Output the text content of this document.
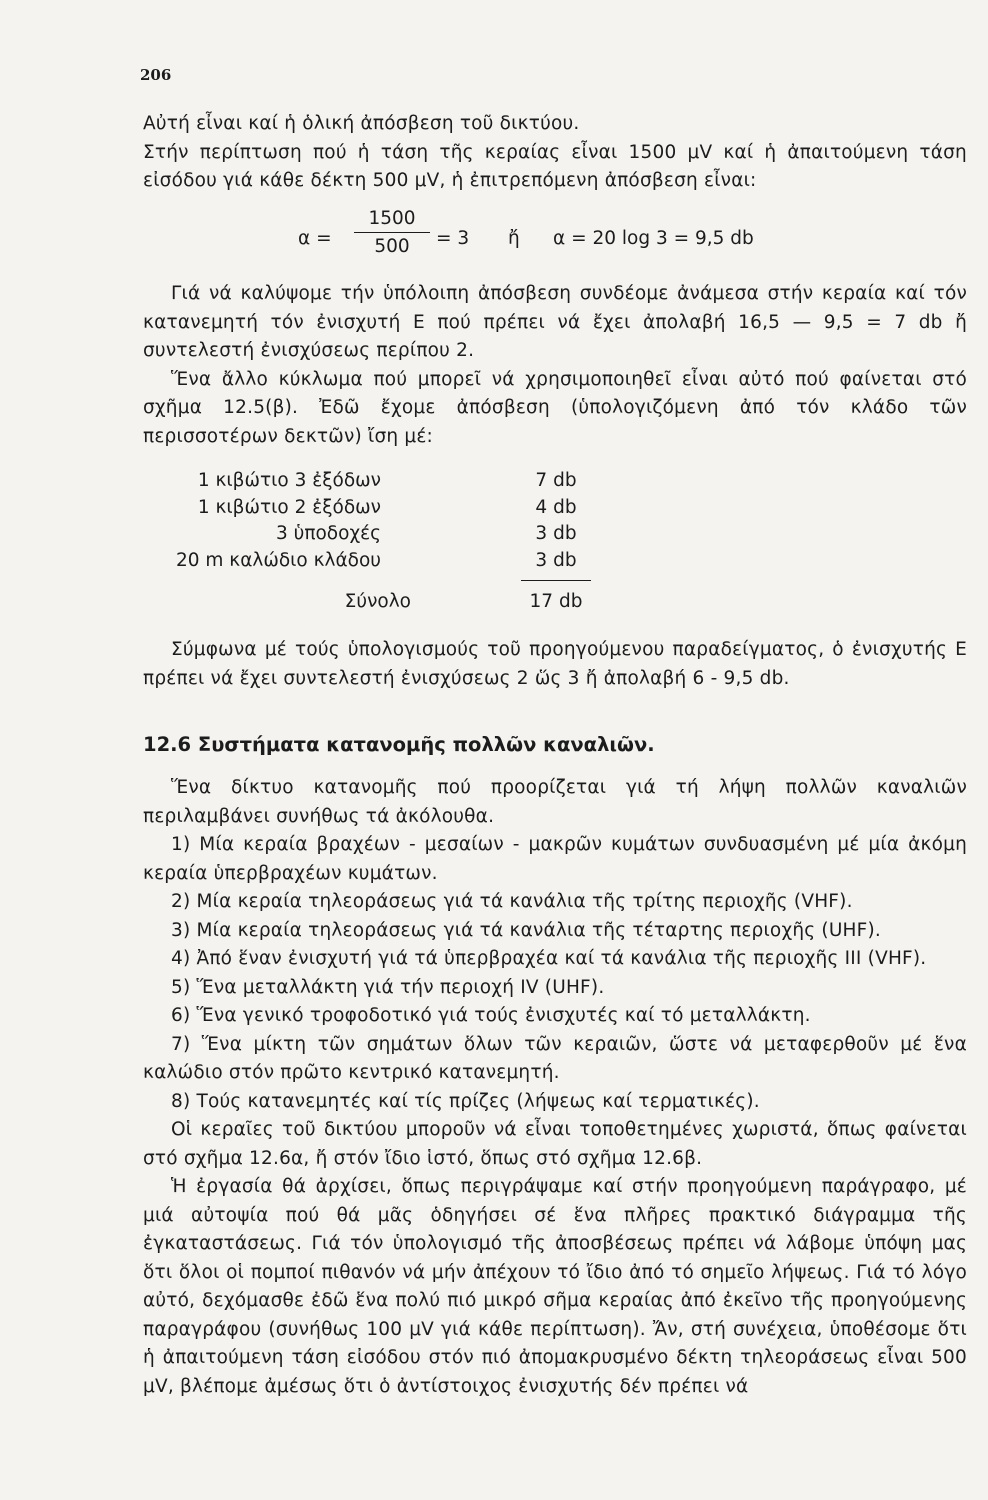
206

Αὐτή εἶναι καί ἡ ὁλική ἀπόσβεση τοῦ δικτύου.

Στήν περίπτωση πού ἡ τάση τῆς κεραίας εἶναι 1500 μV καί ἡ ἀπαιτούμενη τάση εἰσόδου γιά κάθε δέκτη 500 μV, ἡ ἐπιτρεπόμενη ἀπόσβεση εἶναι:

$\alpha = \frac{1500}{500} = 3$ ἤ α = 20 log 3 = 9,5 db

Γιά νά καλύψομε τήν ὑπόλοιπη ἀπόσβεση συνδέομε ἀνάμεσα στήν κεραία καί τόν κατανεμητή τόν ἐνισχυτή Ε πού πρέπει νά ἔχει ἀπολαβή 16,5 — 9,5 = 7 db ἤ συντελεστή ἐνισχύσεως περίπου 2.

Ἕνα ἄλλο κύκλωμα πού μπορεῖ νά χρησιμοποιηθεῖ εἶναι αὐτό πού φαίνεται στό σχῆμα 12.5(β). Ἐδῶ ἔχομε ἀπόσβεση (ὑπολογιζόμενη ἀπό τόν κλάδο τῶν περισσοτέρων δεκτῶν) ἴση μέ:

1 κιβώτιο 3 ἐξόδων	7 db
1 κιβώτιο 2 ἐξόδων	4 db
3 ὑποδοχές	3 db
20 m καλώδιο κλάδου	3 db
Σύνολο	17 db

Σύμφωνα μέ τούς ὑπολογισμούς τοῦ προηγούμενου παραδείγματος, ὁ ἐνισχυτής Ε πρέπει νά ἔχει συντελεστή ἐνισχύσεως 2 ὥς 3 ἤ ἀπολαβή 6 - 9,5 db.

12.6 Συστήματα κατανομῆς πολλῶν καναλιῶν.

Ἕνα δίκτυο κατανομῆς πού προορίζεται γιά τή λήψη πολλῶν καναλιῶν περιλαμβάνει συνήθως τά ἀκόλουθα.

1) Μία κεραία βραχέων - μεσαίων - μακρῶν κυμάτων συνδυασμένη μέ μία ἀκόμη κεραία ὑπερβραχέων κυμάτων.
2) Μία κεραία τηλεοράσεως γιά τά κανάλια τῆς τρίτης περιοχῆς (VHF).
3) Μία κεραία τηλεοράσεως γιά τά κανάλια τῆς τέταρτης περιοχῆς (UHF).
4) Ἀπό ἕναν ἐνισχυτή γιά τά ὑπερβραχέα καί τά κανάλια τῆς περιοχῆς III (VHF).
5) Ἕνα μεταλλάκτη γιά τήν περιοχή IV (UHF).
6) Ἕνα γενικό τροφοδοτικό γιά τούς ἐνισχυτές καί τό μεταλλάκτη.
7) Ἕνα μίκτη τῶν σημάτων ὅλων τῶν κεραιῶν, ὥστε νά μεταφερθοῦν μέ ἕνα καλώδιο στόν πρῶτο κεντρικό κατανεμητή.
8) Τούς κατανεμητές καί τίς πρίζες (λήψεως καί τερματικές).

Οἱ κεραῖες τοῦ δικτύου μποροῦν νά εἶναι τοποθετημένες χωριστά, ὅπως φαίνεται στό σχῆμα 12.6α, ἤ στόν ἴδιο ἱστό, ὅπως στό σχῆμα 12.6β.

Ἡ ἐργασία θά ἀρχίσει, ὅπως περιγράψαμε καί στήν προηγούμενη παράγραφο, μέ μιά αὐτοψία πού θά μᾶς ὁδηγήσει σέ ἕνα πλῆρες πρακτικό διάγραμμα τῆς ἐγκαταστάσεως. Γιά τόν ὑπολογισμό τῆς ἀποσβέσεως πρέπει νά λάβομε ὑπόψη μας ὅτι ὅλοι οἱ πομποί πιθανόν νά μήν ἀπέχουν τό ἴδιο ἀπό τό σημεῖο λήψεως. Γιά τό λόγο αὐτό, δεχόμασθε ἐδῶ ἕνα πολύ πιό μικρό σῆμα κεραίας ἀπό ἐκεῖνο τῆς προηγούμενης παραγράφου (συνήθως 100 μV γιά κάθε περίπτωση). Ἄν, στή συνέχεια, ὑποθέσομε ὅτι ἡ ἀπαιτούμενη τάση εἰσόδου στόν πιό ἀπομακρυσμένο δέκτη τηλεοράσεως εἶναι 500 μV, βλέπομε ἀμέσως ὅτι ὁ ἀντίστοιχος ἐνισχυτής δέν πρέπει νά
